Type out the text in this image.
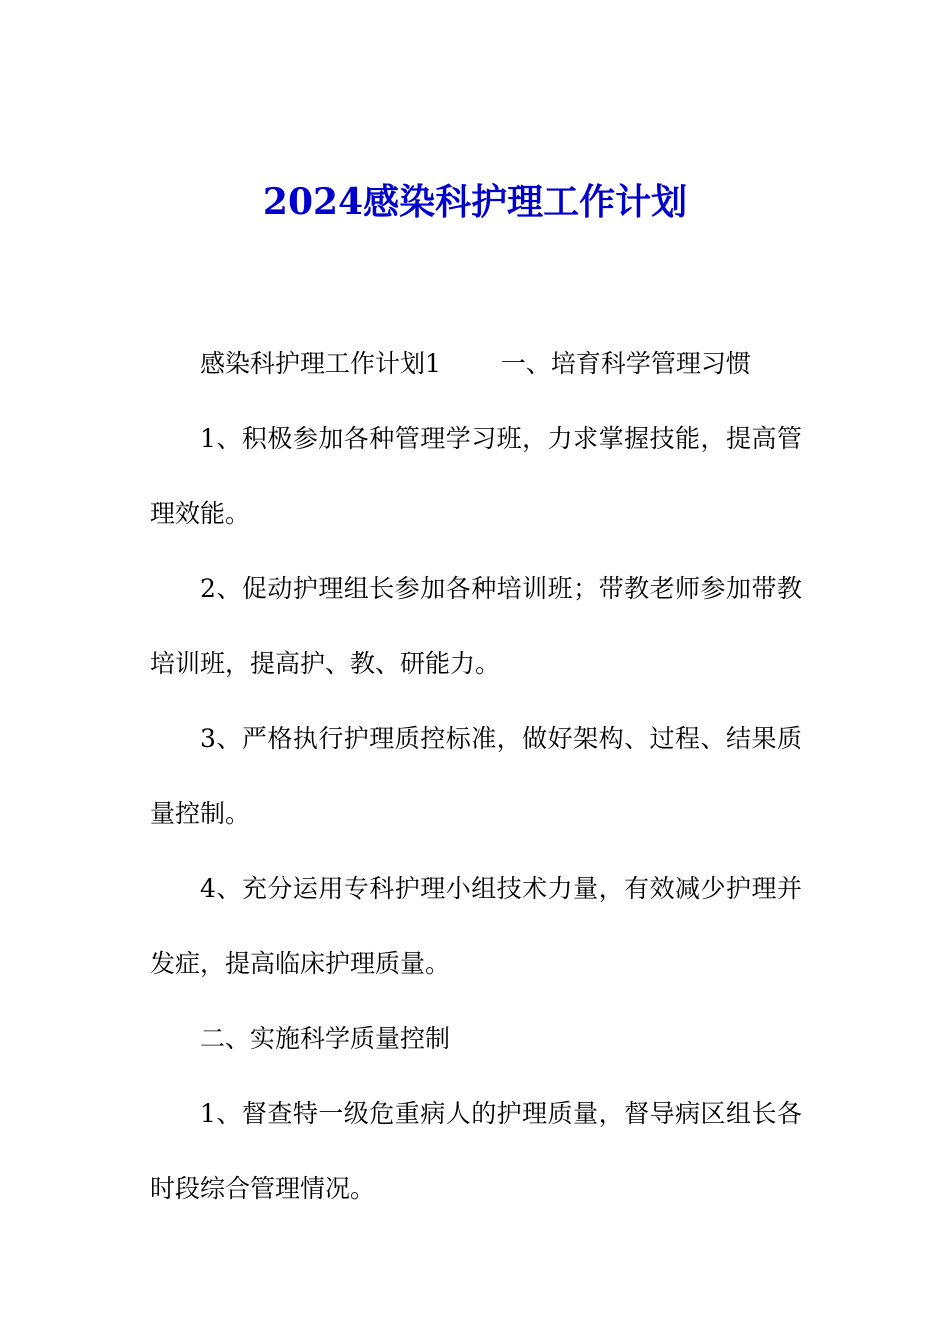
2024感染科护理工作计划

感染科护理工作计划1 一、培育科学管理习惯

1、积极参加各种管理学习班，力求掌握技能，提高管理效能。

2、促动护理组长参加各种培训班；带教老师参加带教培训班，提高护、教、研能力。

3、严格执行护理质控标准，做好架构、过程、结果质量控制。

4、充分运用专科护理小组技术力量，有效减少护理并发症，提高临床护理质量。

二、实施科学质量控制

1、督查特一级危重病人的护理质量，督导病区组长各时段综合管理情况。
